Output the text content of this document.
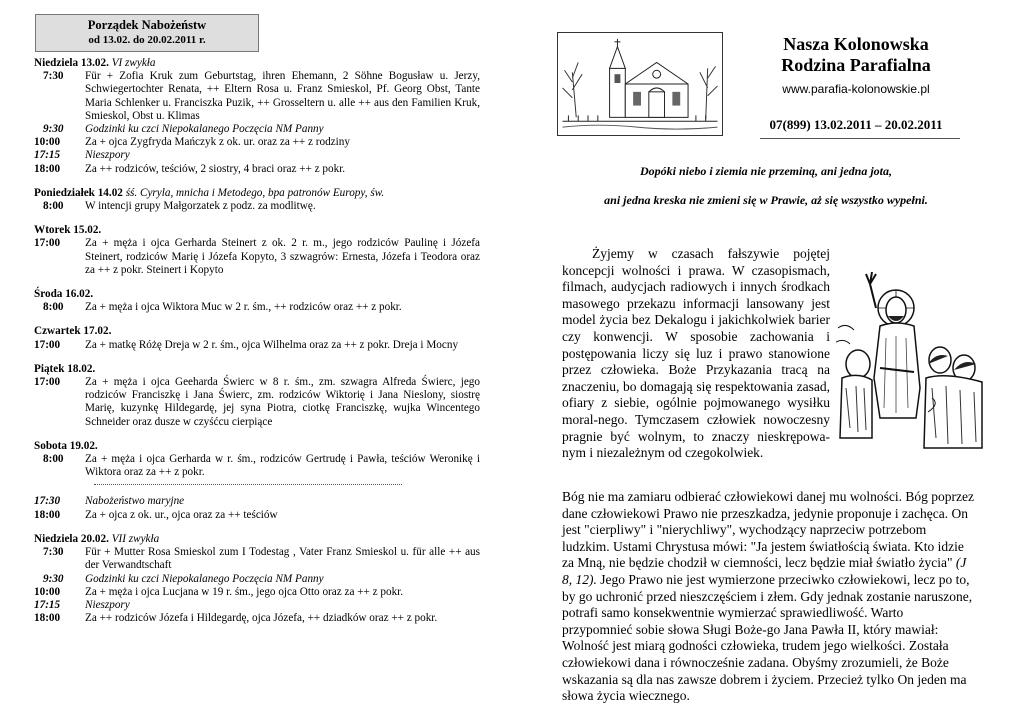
Porządek Nabożeństw
od 13.02. do 20.02.2011 r.
Niedziela 13.02. VI zwykła
7:30	Für + Zofia Kruk zum Geburtstag, ihren Ehemann, 2 Söhne Bogusław u. Jerzy, Schwiegertochter Renata, ++ Eltern Rosa u. Franz Smieskol, Pf. Georg Obst, Tante Maria Schlenker u. Franciszka Puzik, ++ Grosseltern u. alle ++ aus den Familien Kruk, Smieskol, Obst u. Klimas
9:30	Godzinki ku czci Niepokalanego Poczęcia NM Panny
10:00	Za + ojca Zygfryda Mańczyk z ok. ur. oraz za ++ z rodziny
17:15	Nieszpory
18:00	Za ++ rodziców, teściów, 2 siostry, 4 braci oraz ++ z pokr.
Poniedziałek 14.02 śś. Cyryla, mnicha i Metodego, bpa patronów Europy, św.
8:00	W intencji grupy Małgorzatek z podz. za modlitwę.
Wtorek 15.02.
17:00	Za + męża i ojca Gerharda Steinert z ok. 2 r. m., jego rodziców Paulinę i Józefa Steinert, rodziców Marię i Józefa Kopyto, 3 szwagrów: Ernesta, Józefa i Teodora oraz za ++ z pokr. Steinert i Kopyto
Środa 16.02.
8:00	Za + męża i ojca Wiktora Muc w 2 r. śm., ++ rodziców oraz ++ z pokr.
Czwartek 17.02.
17:00	Za + matkę Różę Dreja w 2 r. śm., ojca Wilhelma oraz za ++ z pokr. Dreja i Mocny
Piątek 18.02.
17:00	Za + męża i ojca Geeharda Świerc w 8 r. śm., zm. szwagra Alfreda Świerc, jego rodziców Franciszkę i Jana Świerc, zm. rodziców Wiktorię i Jana Nieslony, siostrę Marię, kuzynkę Hildegardę, jej syna Piotra, ciotkę Franciszkę, wujka Wincentego Schneider oraz dusze w czyśćcu cierpiące
Sobota 19.02.
8:00	Za + męża i ojca Gerharda w r. śm., rodziców Gertrudę i Pawła, teściów Weronikę i Wiktora oraz za ++ z pokr.
17:30	Nabożeństwo maryjne
18:00	Za + ojca z ok. ur., ojca oraz za ++ teściów
Niedziela 20.02. VII zwykła
7:30	Für + Mutter Rosa Smieskol zum I Todestag , Vater Franz Smieskol u. für alle ++ aus der Verwandtschaft
9:30	Godzinki ku czci Niepokalanego Poczęcia NM Panny
10:00	Za + męża i ojca Lucjana w 19 r. śm., jego ojca Otto oraz za ++ z pokr.
17:15	Nieszpory
18:00	Za ++ rodziców Józefa i Hildegardę, ojca Józefa, ++ dziadków oraz ++ z pokr.
Nasza Kolonowska
Rodzina Parafialna
www.parafia-kolonowskie.pl
07(899) 13.02.2011 – 20.02.2011
Dopóki niebo i ziemia nie przeminą, ani jedna jota,
ani jedna kreska nie zmieni się w Prawie, aż się wszystko wypełni.
Żyjemy w czasach fałszywie pojętej koncepcji wolności i prawa. W czasopismach, filmach, audycjach radiowych i innych środkach masowego przekazu informacji lansowany jest model życia bez Dekalogu i jakichkolwiek barier czy konwencji. W sposobie zachowania i postępowania liczy się luz i prawo stanowione przez człowieka. Boże Przykazania tracą na znaczeniu, bo domagają się respektowania zasad, ofiary z siebie, ogólnie pojmowanego wysiłku moral-nego. Tymczasem człowiek nowoczesny pragnie być wolnym, to znaczy nieskrępowa-nym i niezależnym od czegokolwiek.
Bóg nie ma zamiaru odbierać człowiekowi danej mu wolności. Bóg poprzez dane człowiekowi Prawo nie przeszkadza, jedynie proponuje i zachęca. On jest "cierpliwy" i "nierychliwy", wychodzący naprzeciw potrzebom ludzkim. Ustami Chrystusa mówi: "Ja jestem światłością świata. Kto idzie za Mną, nie będzie chodził w ciemności, lecz będzie miał światło życia" (J 8, 12). Jego Prawo nie jest wymierzone przeciwko człowiekowi, lecz po to, by go uchronić przed nieszczęściem i złem. Gdy jednak zostanie naruszone, potrafi samo konsekwentnie wymierzać sprawiedliwość. Warto przypomnieć sobie słowa Sługi Boże-go Jana Pawła II, który mawiał: Wolność jest miarą godności człowieka, trudem jego wielkości. Została człowiekowi dana i równocześnie zadana. Obyśmy zrozumieli, że Boże wskazania są dla nas zawsze dobrem i życiem. Przecież tylko On jeden ma słowa życia wiecznego.
